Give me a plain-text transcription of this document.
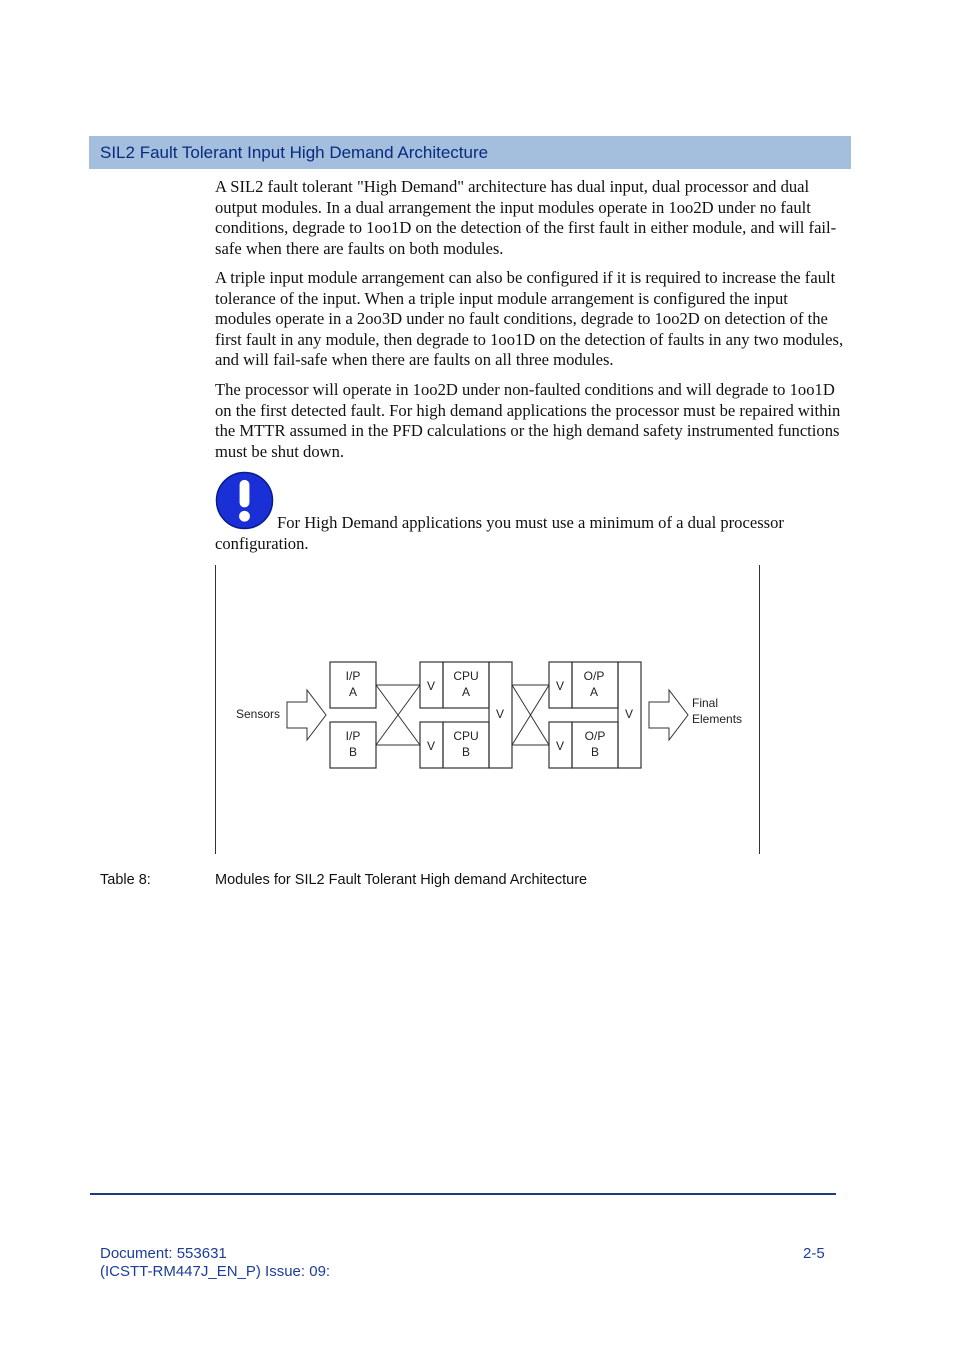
SIL2 Fault Tolerant Input High Demand Architecture

A SIL2 fault tolerant "High Demand" architecture has dual input, dual processor and dual output modules. In a dual arrangement the input modules operate in 1oo2D under no fault conditions, degrade to 1oo1D on the detection of the first fault in either module, and will fail-safe when there are faults on both modules.

A triple input module arrangement can also be configured if it is required to increase the fault tolerance of the input. When a triple input module arrangement is configured the input modules operate in a 2oo3D under no fault conditions, degrade to 1oo2D on detection of the first fault in any module, then degrade to 1oo1D on the detection of faults in any two modules, and will fail-safe when there are faults on all three modules.

The processor will operate in 1oo2D under non-faulted conditions and will degrade to 1oo1D on the first detected fault. For high demand applications the processor must be repaired within the MTTR assumed in the PFD calculations or the high demand safety instrumented functions must be shut down.

For High Demand applications you must use a minimum of a dual processor configuration.

Sensors
I/P
A
I/P
B
V
CPU
A
V
CPU
B
V
V
O/P
A
V
O/P
B
V
Final
Elements
Table 8:	Modules for SIL2 Fault Tolerant High demand Architecture
Document: 553631
(ICSTT-RM447J_EN_P) Issue: 09:
2-5
